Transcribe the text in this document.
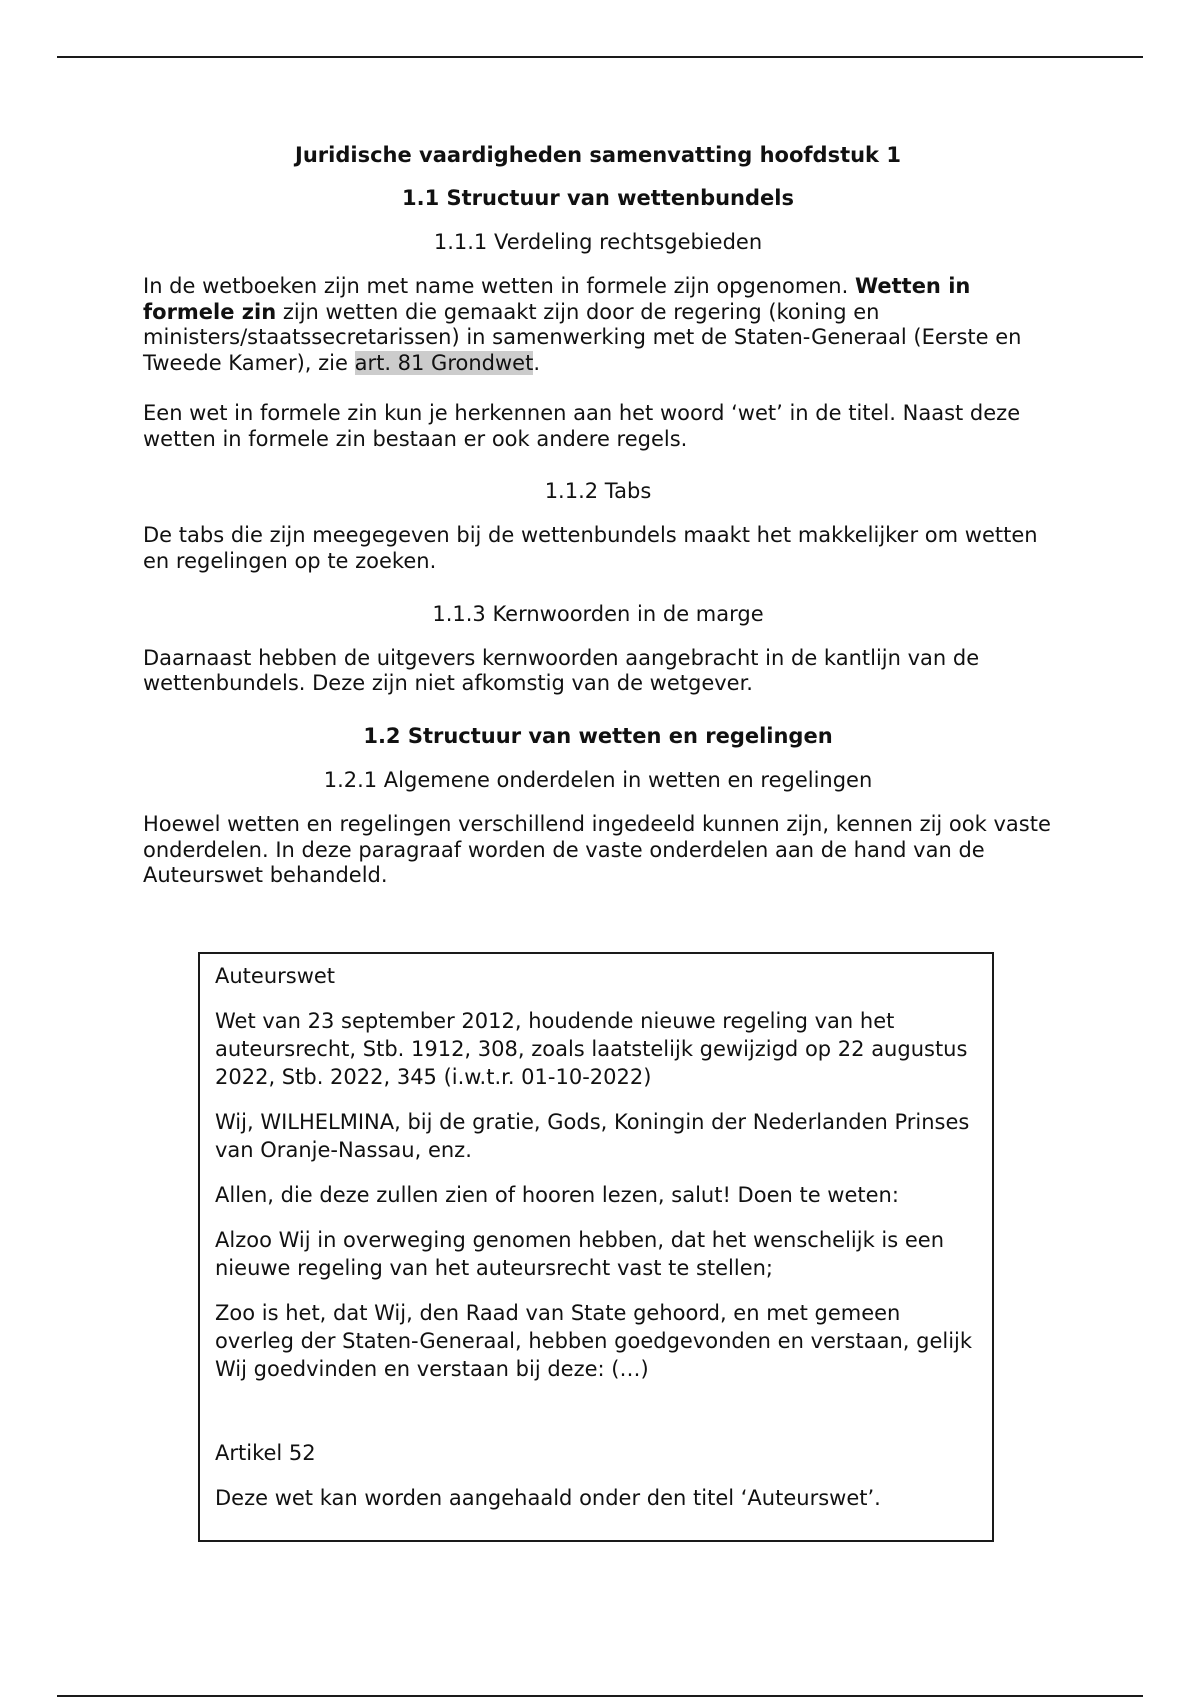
Juridische vaardigheden samenvatting hoofdstuk 1
1.1 Structuur van wettenbundels
1.1.1 Verdeling rechtsgebieden

In de wetboeken zijn met name wetten in formele zijn opgenomen. Wetten in formele zin zijn wetten die gemaakt zijn door de regering (koning en ministers/staatssecretarissen) in samenwerking met de Staten-Generaal (Eerste en Tweede Kamer), zie art. 81 Grondwet.

Een wet in formele zin kun je herkennen aan het woord ‘wet’ in de titel. Naast deze wetten in formele zin bestaan er ook andere regels.

1.1.2 Tabs

De tabs die zijn meegegeven bij de wettenbundels maakt het makkelijker om wetten en regelingen op te zoeken.

1.1.3 Kernwoorden in de marge

Daarnaast hebben de uitgevers kernwoorden aangebracht in de kantlijn van de wettenbundels. Deze zijn niet afkomstig van de wetgever.

1.2 Structuur van wetten en regelingen
1.2.1 Algemene onderdelen in wetten en regelingen

Hoewel wetten en regelingen verschillend ingedeeld kunnen zijn, kennen zij ook vaste onderdelen. In deze paragraaf worden de vaste onderdelen aan de hand van de Auteurswet behandeld.

Auteurswet
Wet van 23 september 2012, houdende nieuwe regeling van het auteursrecht, Stb. 1912, 308, zoals laatstelijk gewijzigd op 22 augustus 2022, Stb. 2022, 345 (i.w.t.r. 01-10-2022)
Wij, WILHELMINA, bij de gratie, Gods, Koningin der Nederlanden Prinses van Oranje-Nassau, enz.
Allen, die deze zullen zien of hooren lezen, salut! Doen te weten:
Alzoo Wij in overweging genomen hebben, dat het wenschelijk is een nieuwe regeling van het auteursrecht vast te stellen;
Zoo is het, dat Wij, den Raad van State gehoord, en met gemeen overleg der Staten-Generaal, hebben goedgevonden en verstaan, gelijk Wij goedvinden en verstaan bij deze: (…)
Artikel 52
Deze wet kan worden aangehaald onder den titel ‘Auteurswet’.
